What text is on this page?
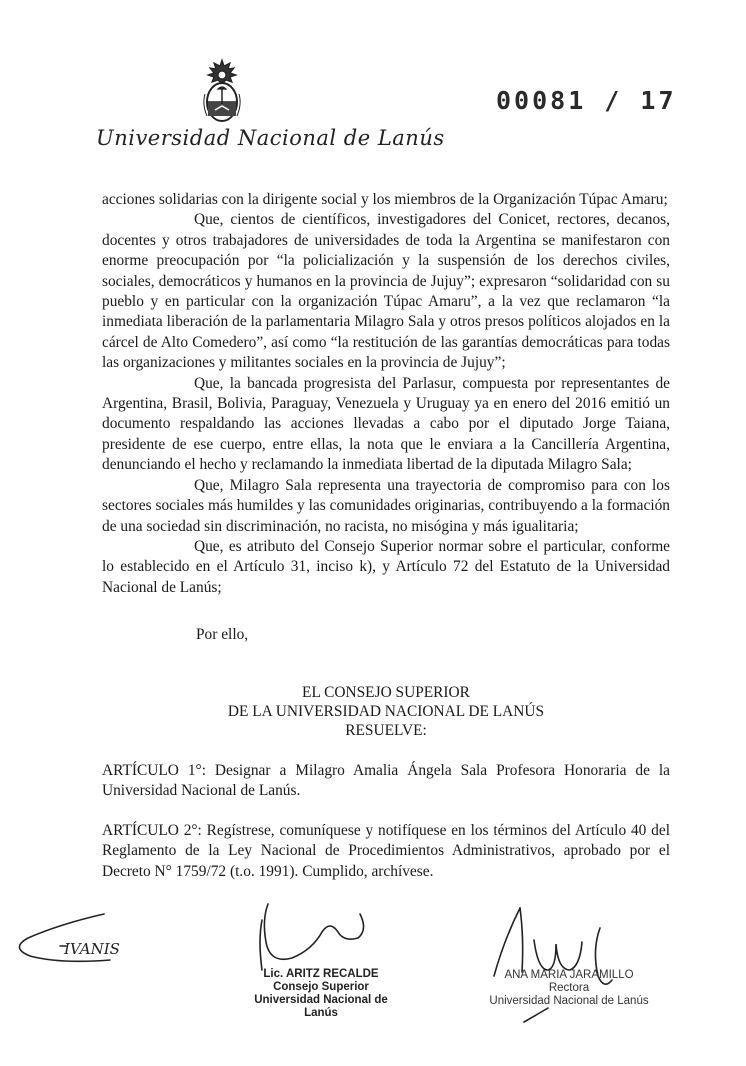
00081 / 17
Universidad Nacional de Lanús

acciones solidarias con la dirigente social y los miembros de la Organización Túpac Amaru;

Que, cientos de científicos, investigadores del Conicet, rectores, decanos, docentes y otros trabajadores de universidades de toda la Argentina se manifestaron con enorme preocupación por “la policialización y la suspensión de los derechos civiles, sociales, democráticos y humanos en la provincia de Jujuy”; expresaron “solidaridad con su pueblo y en particular con la organización Túpac Amaru”, a la vez que reclamaron “la inmediata liberación de la parlamentaria Milagro Sala y otros presos políticos alojados en la cárcel de Alto Comedero”, así como “la restitución de las garantías democráticas para todas las organizaciones y militantes sociales en la provincia de Jujuy”;

Que, la bancada progresista del Parlasur, compuesta por representantes de Argentina, Brasil, Bolivia, Paraguay, Venezuela y Uruguay ya en enero del 2016 emitió un documento respaldando las acciones llevadas a cabo por el diputado Jorge Taiana, presidente de ese cuerpo, entre ellas, la nota que le enviara a la Cancillería Argentina, denunciando el hecho y reclamando la inmediata libertad de la diputada Milagro Sala;

Que, Milagro Sala representa una trayectoria de compromiso para con los sectores sociales más humildes y las comunidades originarias, contribuyendo a la formación de una sociedad sin discriminación, no racista, no misógina y más igualitaria;

Que, es atributo del Consejo Superior normar sobre el particular, conforme lo establecido en el Artículo 31, inciso k), y Artículo 72 del Estatuto de la Universidad Nacional de Lanús;

Por ello,
EL CONSEJO SUPERIOR
DE LA UNIVERSIDAD NACIONAL DE LANÚS
RESUELVE:
ARTÍCULO 1°: Designar a Milagro Amalia Ángela Sala Profesora Honoraria de la Universidad Nacional de Lanús.
ARTÍCULO 2°: Regístrese, comuníquese y notifíquese en los términos del Artículo 40 del Reglamento de la Ley Nacional de Procedimientos Administrativos, aprobado por el Decreto N° 1759/72 (t.o. 1991). Cumplido, archívese.
IVANIS
Lic. ARITZ RECALDE
Consejo Superior
Universidad Nacional de Lanús
ANA MARIA JARAMILLO
Rectora
Universidad Nacional de Lanús
